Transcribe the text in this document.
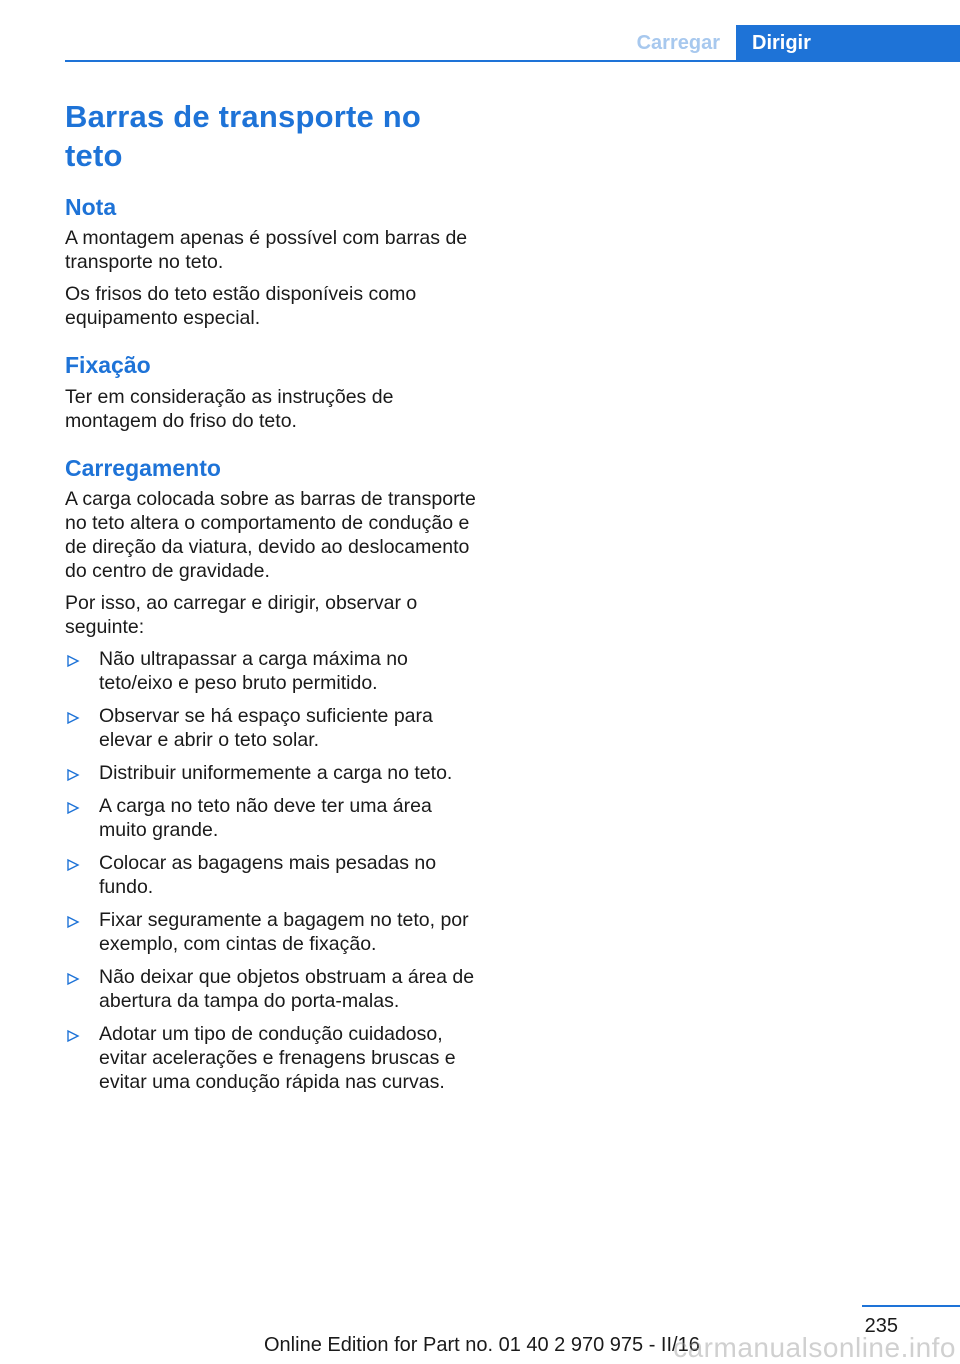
Carregar	Dirigir
Barras de transporte no teto
Nota

A montagem apenas é possível com barras de transporte no teto.

Os frisos do teto estão disponíveis como equipamento especial.

Fixação

Ter em consideração as instruções de montagem do friso do teto.

Carregamento

A carga colocada sobre as barras de transporte no teto altera o comportamento de condução e de direção da viatura, devido ao deslocamento do centro de gravidade.

Por isso, ao carregar e dirigir, observar o seguinte:

Não ultrapassar a carga máxima no teto/eixo e peso bruto permitido.
Observar se há espaço suficiente para elevar e abrir o teto solar.
Distribuir uniformemente a carga no teto.
A carga no teto não deve ter uma área muito grande.
Colocar as bagagens mais pesadas no fundo.
Fixar seguramente a bagagem no teto, por exemplo, com cintas de fixação.
Não deixar que objetos obstruam a área de abertura da tampa do porta-malas.
Adotar um tipo de condução cuidadoso, evitar acelerações e frenagens bruscas e evitar uma condução rápida nas curvas.
235
Online Edition for Part no. 01 40 2 970 975 - II/16
carmanualsonline.info
